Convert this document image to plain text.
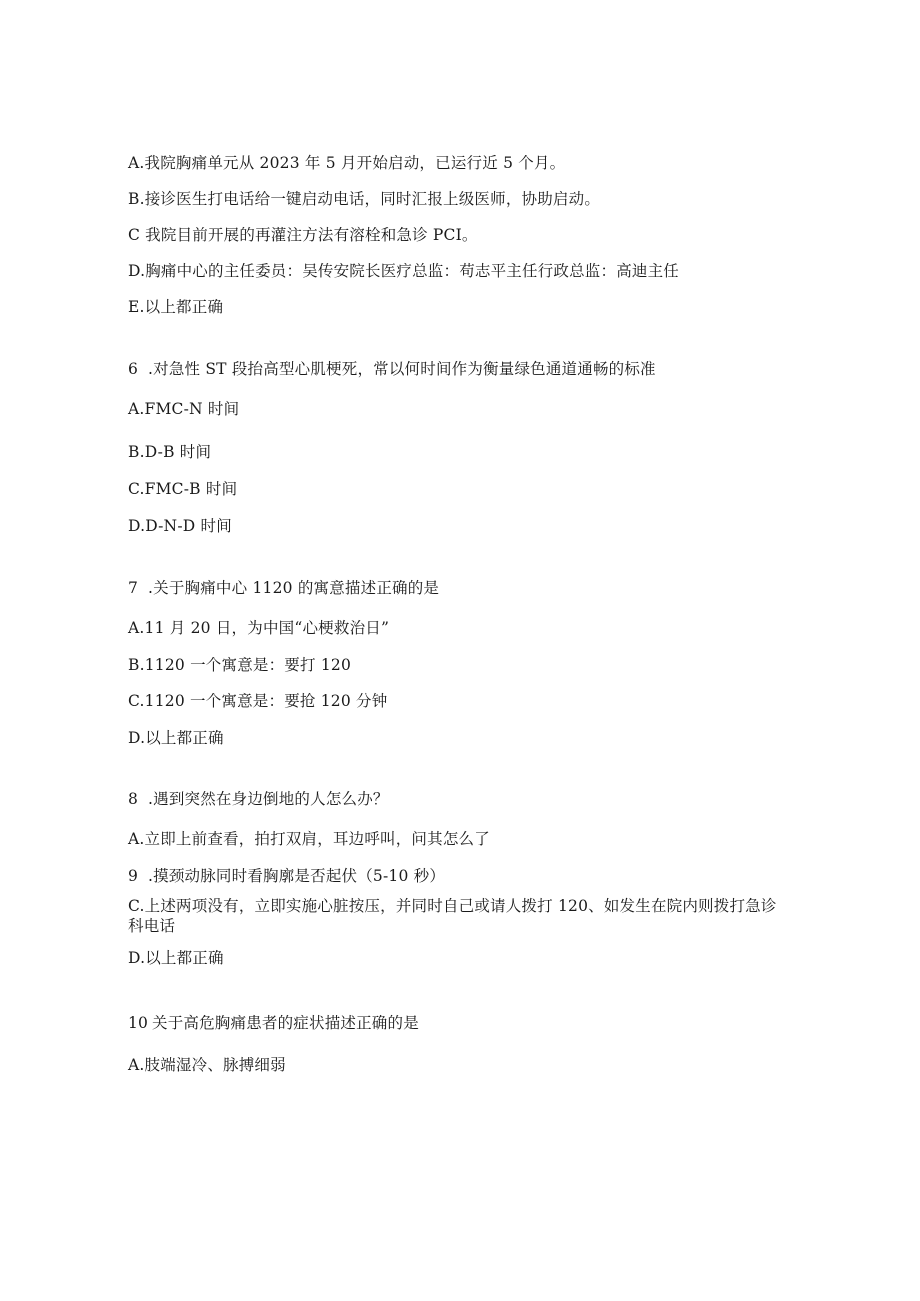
A.我院胸痛单元从 2023 年 5 月开始启动，已运行近 5 个月。
B.接诊医生打电话给一键启动电话，同时汇报上级医师，协助启动。
C 我院目前开展的再灌注方法有溶栓和急诊 PCI。
D.胸痛中心的主任委员：吴传安院长医疗总监：苟志平主任行政总监：高迪主任
E.以上都正确
6 .对急性 ST 段抬高型心肌梗死，常以何时间作为衡量绿色通道通畅的标准
A.FMC-N 时间
B.D-B 时间
C.FMC-B 时间
D.D-N-D 时间
7 .关于胸痛中心 1120 的寓意描述正确的是
A.11 月 20 日，为中国“心梗救治日”
B.1120 一个寓意是：要打 120
C.1120 一个寓意是：要抢 120 分钟
D.以上都正确
8 .遇到突然在身边倒地的人怎么办？
A.立即上前查看，拍打双肩，耳边呼叫，问其怎么了
9 .摸颈动脉同时看胸廓是否起伏（5-10 秒）
C.上述两项没有，立即实施心脏按压，并同时自己或请人拨打 120、如发生在院内则拨打急诊科电话
D.以上都正确
10 关于高危胸痛患者的症状描述正确的是
A.肢端湿冷、脉搏细弱
